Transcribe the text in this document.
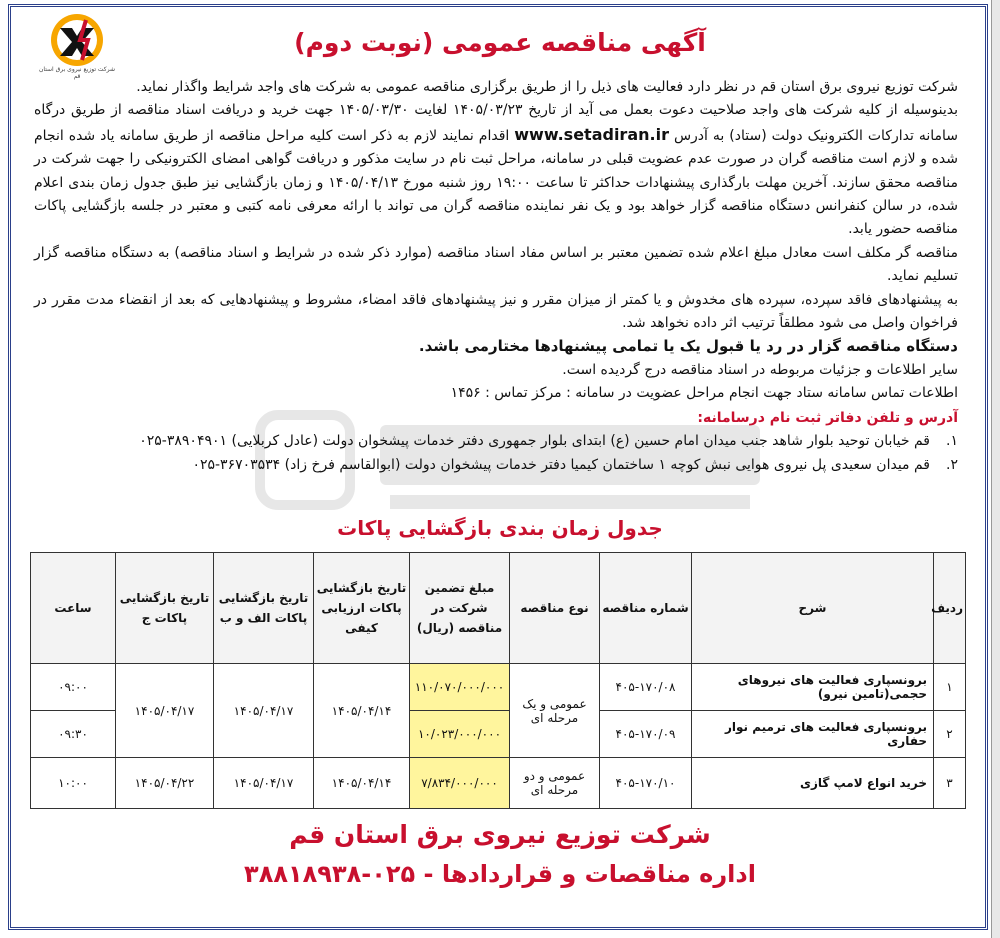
شرکت توزیع نیروی برق استان قم
آگهی مناقصه عمومی (نوبت دوم)

شرکت توزیع نیروی برق استان قم در نظر دارد فعالیت های ذیل را از طریق برگزاری مناقصه عمومی به شرکت های واجد شرایط واگذار نماید.

بدینوسیله از کلیه شرکت های واجد صلاحیت دعوت بعمل می آید از تاریخ ۱۴۰۵/۰۳/۲۳ لغایت ۱۴۰۵/۰۳/۳۰ جهت خرید و دریافت اسناد مناقصه از طریق درگاه سامانه تدارکات الکترونیک دولت (ستاد) به آدرس www.setadiran.ir اقدام نمایند لازم به ذکر است کلیه مراحل مناقصه از طریق سامانه یاد شده انجام شده و لازم است مناقصه گران در صورت عدم عضویت قبلی در سامانه، مراحل ثبت نام در سایت مذکور و دریافت گواهی امضای الکترونیکی را جهت شرکت در مناقصه محقق سازند. آخرین مهلت بارگذاری پیشنهادات حداکثر تا ساعت ۱۹:۰۰ روز شنبه مورخ ۱۴۰۵/۰۴/۱۳ و زمان بازگشایی نیز طبق جدول زمان بندی اعلام شده، در سالن کنفرانس دستگاه مناقصه گزار خواهد بود و یک نفر نماینده مناقصه گران می تواند با ارائه معرفی نامه کتبی و معتبر در جلسه بازگشایی پاکات مناقصه حضور یابد.

مناقصه گر مکلف است معادل مبلغ اعلام شده تضمین معتبر بر اساس مفاد اسناد مناقصه (موارد ذکر شده در شرایط و اسناد مناقصه) به دستگاه مناقصه گزار تسلیم نماید.

به پیشنهادهای فاقد سپرده، سپرده های مخدوش و یا کمتر از میزان مقرر و نیز پیشنهادهای فاقد امضاء، مشروط و پیشنهادهایی که بعد از انقضاء مدت مقرر در فراخوان واصل می شود مطلقاً ترتیب اثر داده نخواهد شد.

دستگاه مناقصه گزار در رد یا قبول یک یا تمامی پیشنهادها مختارمی باشد.

سایر اطلاعات و جزئیات مربوطه در اسناد مناقصه درج گردیده است.

اطلاعات تماس سامانه ستاد جهت انجام مراحل عضویت در سامانه : مرکز تماس : ۱۴۵۶

آدرس و تلفن دفاتر ثبت نام درسامانه:

۱.
قم خیابان توحید بلوار شاهد جنب میدان امام حسین (ع) ابتدای بلوار جمهوری دفتر خدمات پیشخوان دولت (عادل کربلایی) ۰۲۵-۳۸۹۰۴۹۰۱
۲.
قم میدان سعیدی پل نیروی هوایی نبش کوچه ۱ ساختمان کیمیا دفتر خدمات پیشخوان دولت (ابوالقاسم فرخ زاد) ۰۲۵-۳۶۷۰۳۵۳۴
جدول زمان بندی بازگشایی پاکات
ردیف	شرح	شماره مناقصه	نوع مناقصه	مبلغ تضمین شرکت در مناقصه (ریال)	تاریخ بازگشایی پاکات ارزیابی کیفی	تاریخ بازگشایی پاکات الف و ب	تاریخ بازگشایی پاکات ج	ساعت
۱	برونسپاری فعالیت های نیروهای حجمی(تامین نیرو)	۴۰۵-۱۷۰/۰۸	عمومی و یک مرحله ای	۱۱۰/۰۷۰/۰۰۰/۰۰۰	۱۴۰۵/۰۴/۱۴	۱۴۰۵/۰۴/۱۷	۱۴۰۵/۰۴/۱۷	۰۹:۰۰
۲	برونسپاری فعالیت های ترمیم نوار حفاری	۴۰۵-۱۷۰/۰۹		۱۰/۰۲۳/۰۰۰/۰۰۰				۰۹:۳۰
۳	خرید انواع لامپ گازی	۴۰۵-۱۷۰/۱۰	عمومی و دو مرحله ای	۷/۸۳۴/۰۰۰/۰۰۰	۱۴۰۵/۰۴/۱۴	۱۴۰۵/۰۴/۱۷	۱۴۰۵/۰۴/۲۲	۱۰:۰۰
شرکت توزیع نیروی برق استان قم
اداره مناقصات و قراردادها - ۰۲۵-۳۸۸۱۸۹۳۸
